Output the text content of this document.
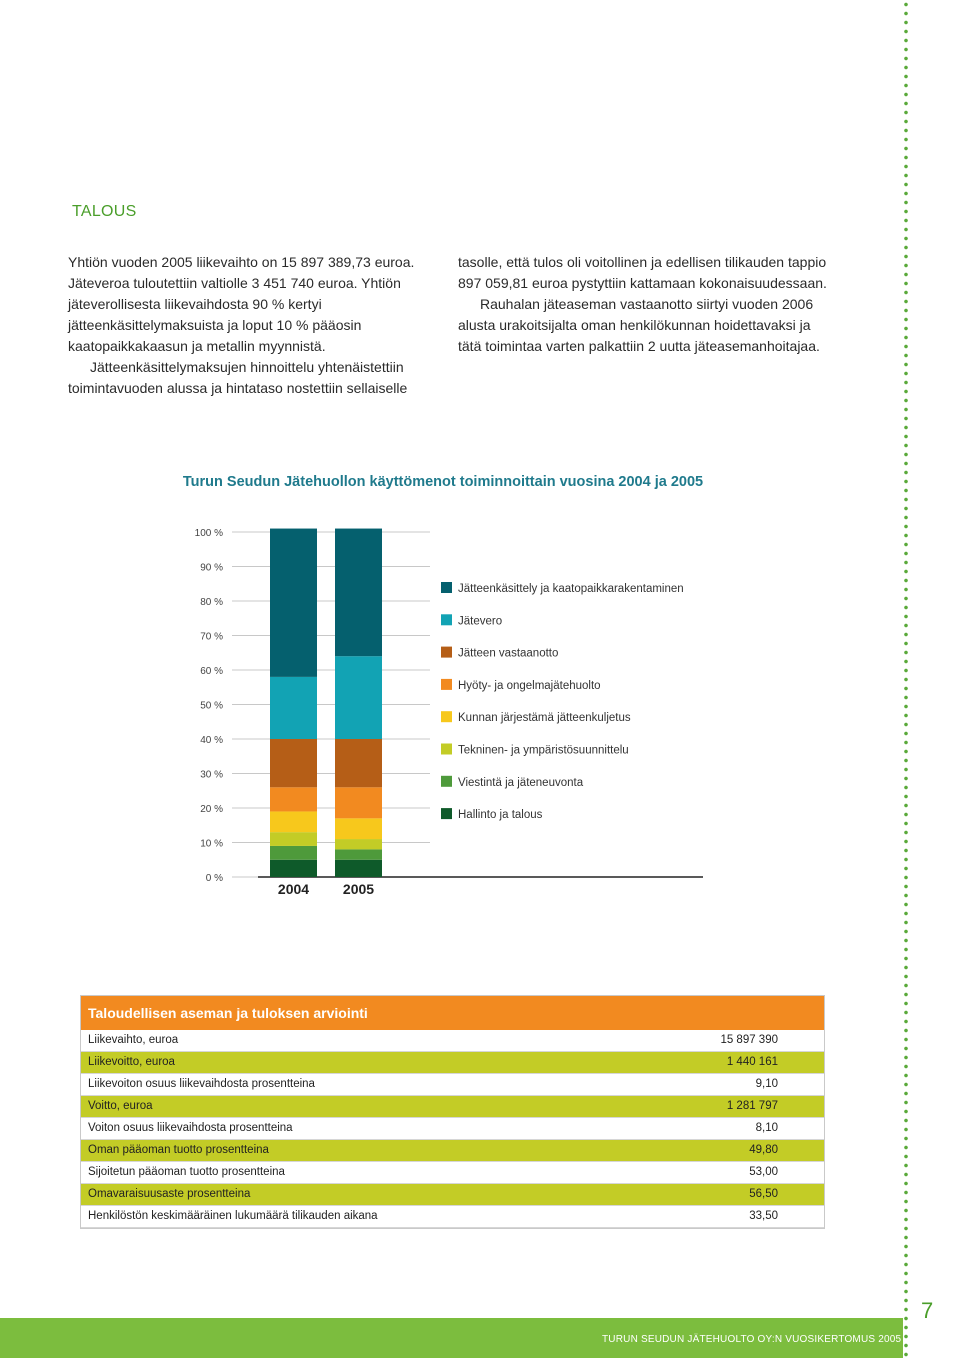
TALOUS

Yhtiön vuoden 2005 liikevaihto on 15 897 389,73 euroa. Jäteveroa tuloutettiin valtiolle 3 451 740 euroa. Yhtiön jäteverollisesta liikevaihdosta 90 % kertyi jätteenkäsittelymaksuista ja loput 10 % pääosin kaatopaikkakaasun ja metallin myynnistä.

Jätteenkäsittelymaksujen hinnoittelu yhtenäistettiin toimintavuoden alussa ja hintataso nostettiin sellaiselle

tasolle, että tulos oli voitollinen ja edellisen tilikauden tappio 897 059,81 euroa pystyttiin kattamaan kokonaisuudessaan.

Rauhalan jäteaseman vastaanotto siirtyi vuoden 2006 alusta urakoitsijalta oman henkilökunnan hoidettavaksi ja tätä toimintaa varten palkattiin 2 uutta jäteasemanhoitajaa.

Turun Seudun Jätehuollon käyttömenot toiminnoittain vuosina 2004 ja 2005
0 %
10 %
20 %
30 %
40 %
50 %
60 %
70 %
80 %
90 %
100 %
2004 2005
Jätteenkäsittely ja kaatopaikkarakentaminen
Jätevero
Jätteen vastaanotto
Hyöty- ja ongelmajätehuolto
Kunnan järjestämä jätteenkuljetus
Tekninen- ja ympäristösuunnittelu
Viestintä ja jäteneuvonta
Hallinto ja talous
Taloudellisen aseman ja tuloksen arviointi
Liikevaihto, euroa	15 897 390
Liikevoitto, euroa	1 440 161
Liikevoiton osuus liikevaihdosta prosentteina	9,10
Voitto, euroa	1 281 797
Voiton osuus liikevaihdosta prosentteina	8,10
Oman pääoman tuotto prosentteina	49,80
Sijoitetun pääoman tuotto prosentteina	53,00
Omavaraisuusaste prosentteina	56,50
Henkilöstön keskimääräinen lukumäärä tilikauden aikana	33,50
TURUN SEUDUN JÄTEHUOLTO OY:N VUOSIKERTOMUS 2005
7
